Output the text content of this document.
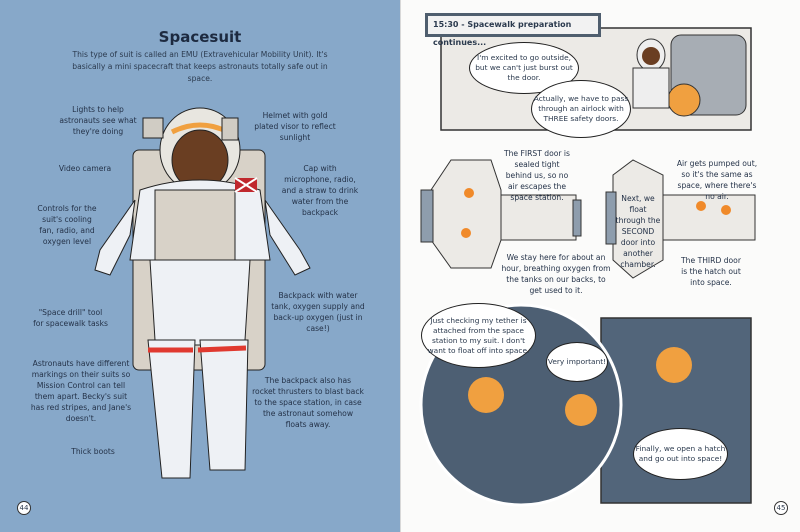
Spacesuit
This type of suit is called an EMU (Extravehicular Mobility Unit). It's basically a mini spacecraft that keeps astronauts totally safe out in space.
Lights to help astronauts see what they're doing
Helmet with gold plated visor to reflect sunlight
Video camera	Cap with microphone, radio, and a straw to drink water from the backpack
Controls for the suit's cooling fan, radio, and oxygen level
"Space drill" tool for spacewalk tasks
Backpack with water tank, oxygen supply and back-up oxygen (just in case!)
Astronauts have different markings on their suits so Mission Control can tell them apart. Becky's suit has red stripes, and Jane's doesn't.
The backpack also has rocket thrusters to blast back to the space station, in case the astronaut somehow floats away.
Thick boots
44
15:30 - Spacewalk preparation continues...
I'm excited to go outside, but we can't just burst out the door.
Actually, we have to pass through an airlock with THREE safety doors.
The FIRST door is sealed tight behind us, so no air escapes the space station.
We stay here for about an hour, breathing oxygen from the tanks on our backs, to get used to it.
Next, we float through the SECOND door into another chamber.
Air gets pumped out, so it's the same as space, where there's no air.
The THIRD door is the hatch out into space.
Just checking my tether is attached from the space station to my suit. I don't want to float off into space.
Very important!
Finally, we open a hatch and go out into space!
45
